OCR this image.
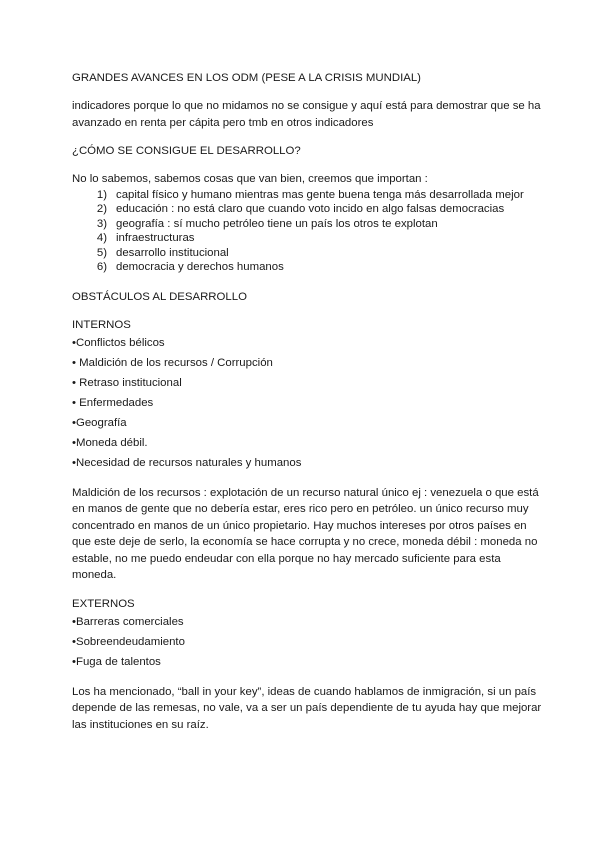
GRANDES AVANCES EN LOS ODM (PESE A LA CRISIS MUNDIAL)

indicadores porque lo que no midamos no se consigue y aquí está para demostrar que se ha avanzado en renta per cápita pero tmb en otros indicadores

¿CÓMO SE CONSIGUE EL DESARROLLO?

No lo sabemos, sabemos cosas que van bien, creemos que importan :

1) capital físico y humano mientras mas gente buena tenga más desarrollada mejor
2) educación : no está claro que cuando voto incido en algo falsas democracias
3) geografía : sí mucho petróleo tiene un país los otros te explotan
4) infraestructuras
5) desarrollo institucional
6) democracia y derechos humanos

OBSTÁCULOS AL DESARROLLO

INTERNOS

•Conflictos bélicos
• Maldición de los recursos / Corrupción
• Retraso institucional
• Enfermedades
•Geografía
•Moneda débil.
•Necesidad de recursos naturales y humanos

Maldición de los recursos : explotación de un recurso natural único ej : venezuela o que está en manos de gente que no debería estar, eres rico pero en petróleo. un único recurso muy concentrado en manos de un único propietario. Hay muchos intereses por otros países en que este deje de serlo, la economía se hace corrupta y no crece, moneda débil : moneda no estable, no me puedo endeudar con ella porque no hay mercado suficiente para esta moneda.

EXTERNOS

•Barreras comerciales
•Sobreendeudamiento
•Fuga de talentos

Los ha mencionado, “ball in your key”, ideas de cuando hablamos de inmigración, si un país depende de las remesas, no vale, va a ser un país dependiente de tu ayuda hay que mejorar las instituciones en su raíz.
